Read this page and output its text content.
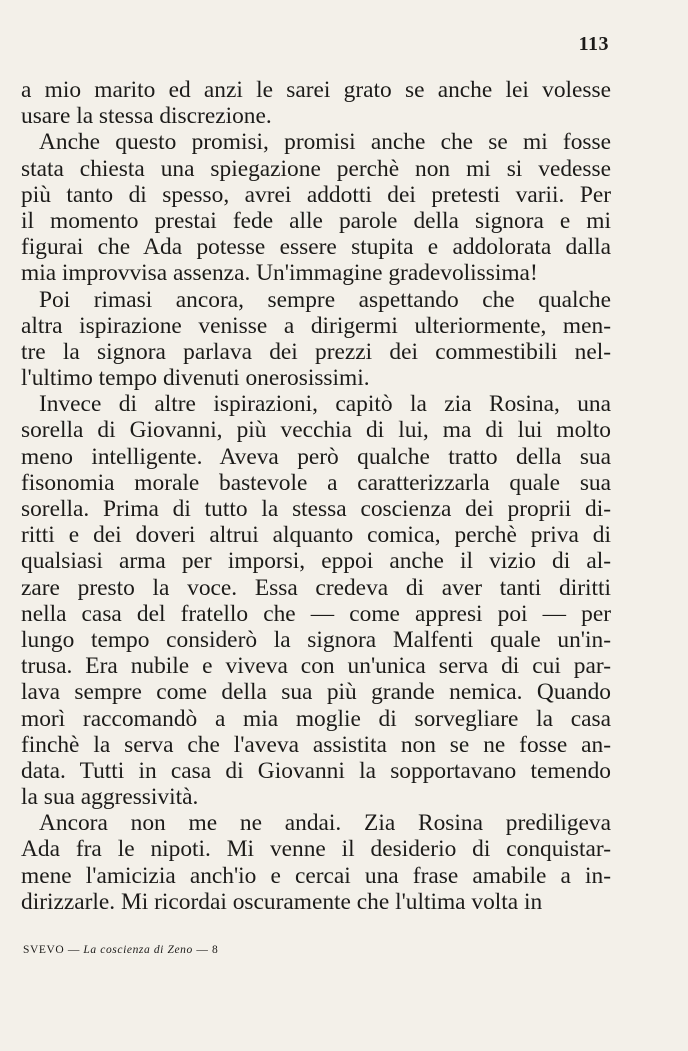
113
a mio marito ed anzi le sarei grato se anche lei volesse
usare la stessa discrezione.
Anche questo promisi, promisi anche che se mi fosse
stata chiesta una spiegazione perchè non mi si vedesse
più tanto di spesso, avrei addotti dei pretesti varii. Per
il momento prestai fede alle parole della signora e mi
figurai che Ada potesse essere stupita e addolorata dalla
mia improvvisa assenza. Un'immagine gradevolissima!
Poi rimasi ancora, sempre aspettando che qualche
altra ispirazione venisse a dirigermi ulteriormente, men-
tre la signora parlava dei prezzi dei commestibili nel-
l'ultimo tempo divenuti onerosissimi.
Invece di altre ispirazioni, capitò la zia Rosina, una
sorella di Giovanni, più vecchia di lui, ma di lui molto
meno intelligente. Aveva però qualche tratto della sua
fisonomia morale bastevole a caratterizzarla quale sua
sorella. Prima di tutto la stessa coscienza dei proprii di-
ritti e dei doveri altrui alquanto comica, perchè priva di
qualsiasi arma per imporsi, eppoi anche il vizio di al-
zare presto la voce. Essa credeva di aver tanti diritti
nella casa del fratello che — come appresi poi — per
lungo tempo considerò la signora Malfenti quale un'in-
trusa. Era nubile e viveva con un'unica serva di cui par-
lava sempre come della sua più grande nemica. Quando
morì raccomandò a mia moglie di sorvegliare la casa
finchè la serva che l'aveva assistita non se ne fosse an-
data. Tutti in casa di Giovanni la sopportavano temendo
la sua aggressività.
Ancora non me ne andai. Zia Rosina prediligeva
Ada fra le nipoti. Mi venne il desiderio di conquistar-
mene l'amicizia anch'io e cercai una frase amabile a in-
dirizzarle. Mi ricordai oscuramente che l'ultima volta in
SVEVO — La coscienza di Zeno — 8
